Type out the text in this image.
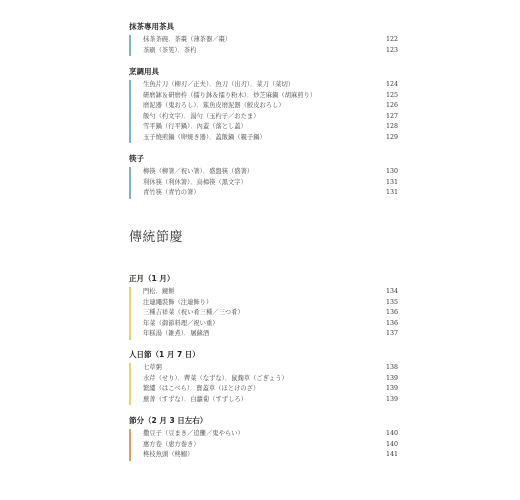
抹茶專用茶具
抹茶茶碗．茶棗（薄茶器／棗）	122
茶刷（茶筅）．茶杓	123
烹調用具
生魚片刀（柳刃／正夫）．魚刀（出刃）．菜刀（菜切）	124
研磨缽＆研磨杵（擂り鉢＆擂り粉木）．炒芝麻鍋（胡麻煎り）	125
磨泥器（鬼おろし）．鯊魚皮磨泥器（鮫皮おろし）	126
飯勺（杓文字）．湯勺（玉杓子／おたま）	127
雪平鍋（行平鍋）．內蓋（落とし蓋）	128
玉子燒煎鍋（卵焼き器）．蓋飯鍋（親子鍋）	129
筷子
柳筷（柳箸／祝い箸）．盛盤筷（盛箸）	130
利休筷（利休箸）．烏樟筷（黑文字）	131
青竹筷（青竹の箸）	131
傳統節慶
正月（1 月）
門松．鏡餅	134
注連繩裝飾（注連飾り）	135
三種吉祥菜（祝い肴三種／三つ肴）	136
年菜（御節料理／祝い重）	136
年糕湯（雑煮）．屠蘇酒	137
人日節（1 月 7 日）
七草粥	138
水芹（せり）．薺菜（なずな）．鼠麴草（ごぎょう）	139
繁縷（はこべら）．寶蓋草（ほとけのざ）	139
蕪菁（すずな）．白蘿蔔（すずしろ）	139
節分（2 月 3 日左右）
撒豆子（豆まき／追儺／鬼やらい）	140
惠方卷（恵方巻き）	140
柊枝魚頭（柊鰯）	141
